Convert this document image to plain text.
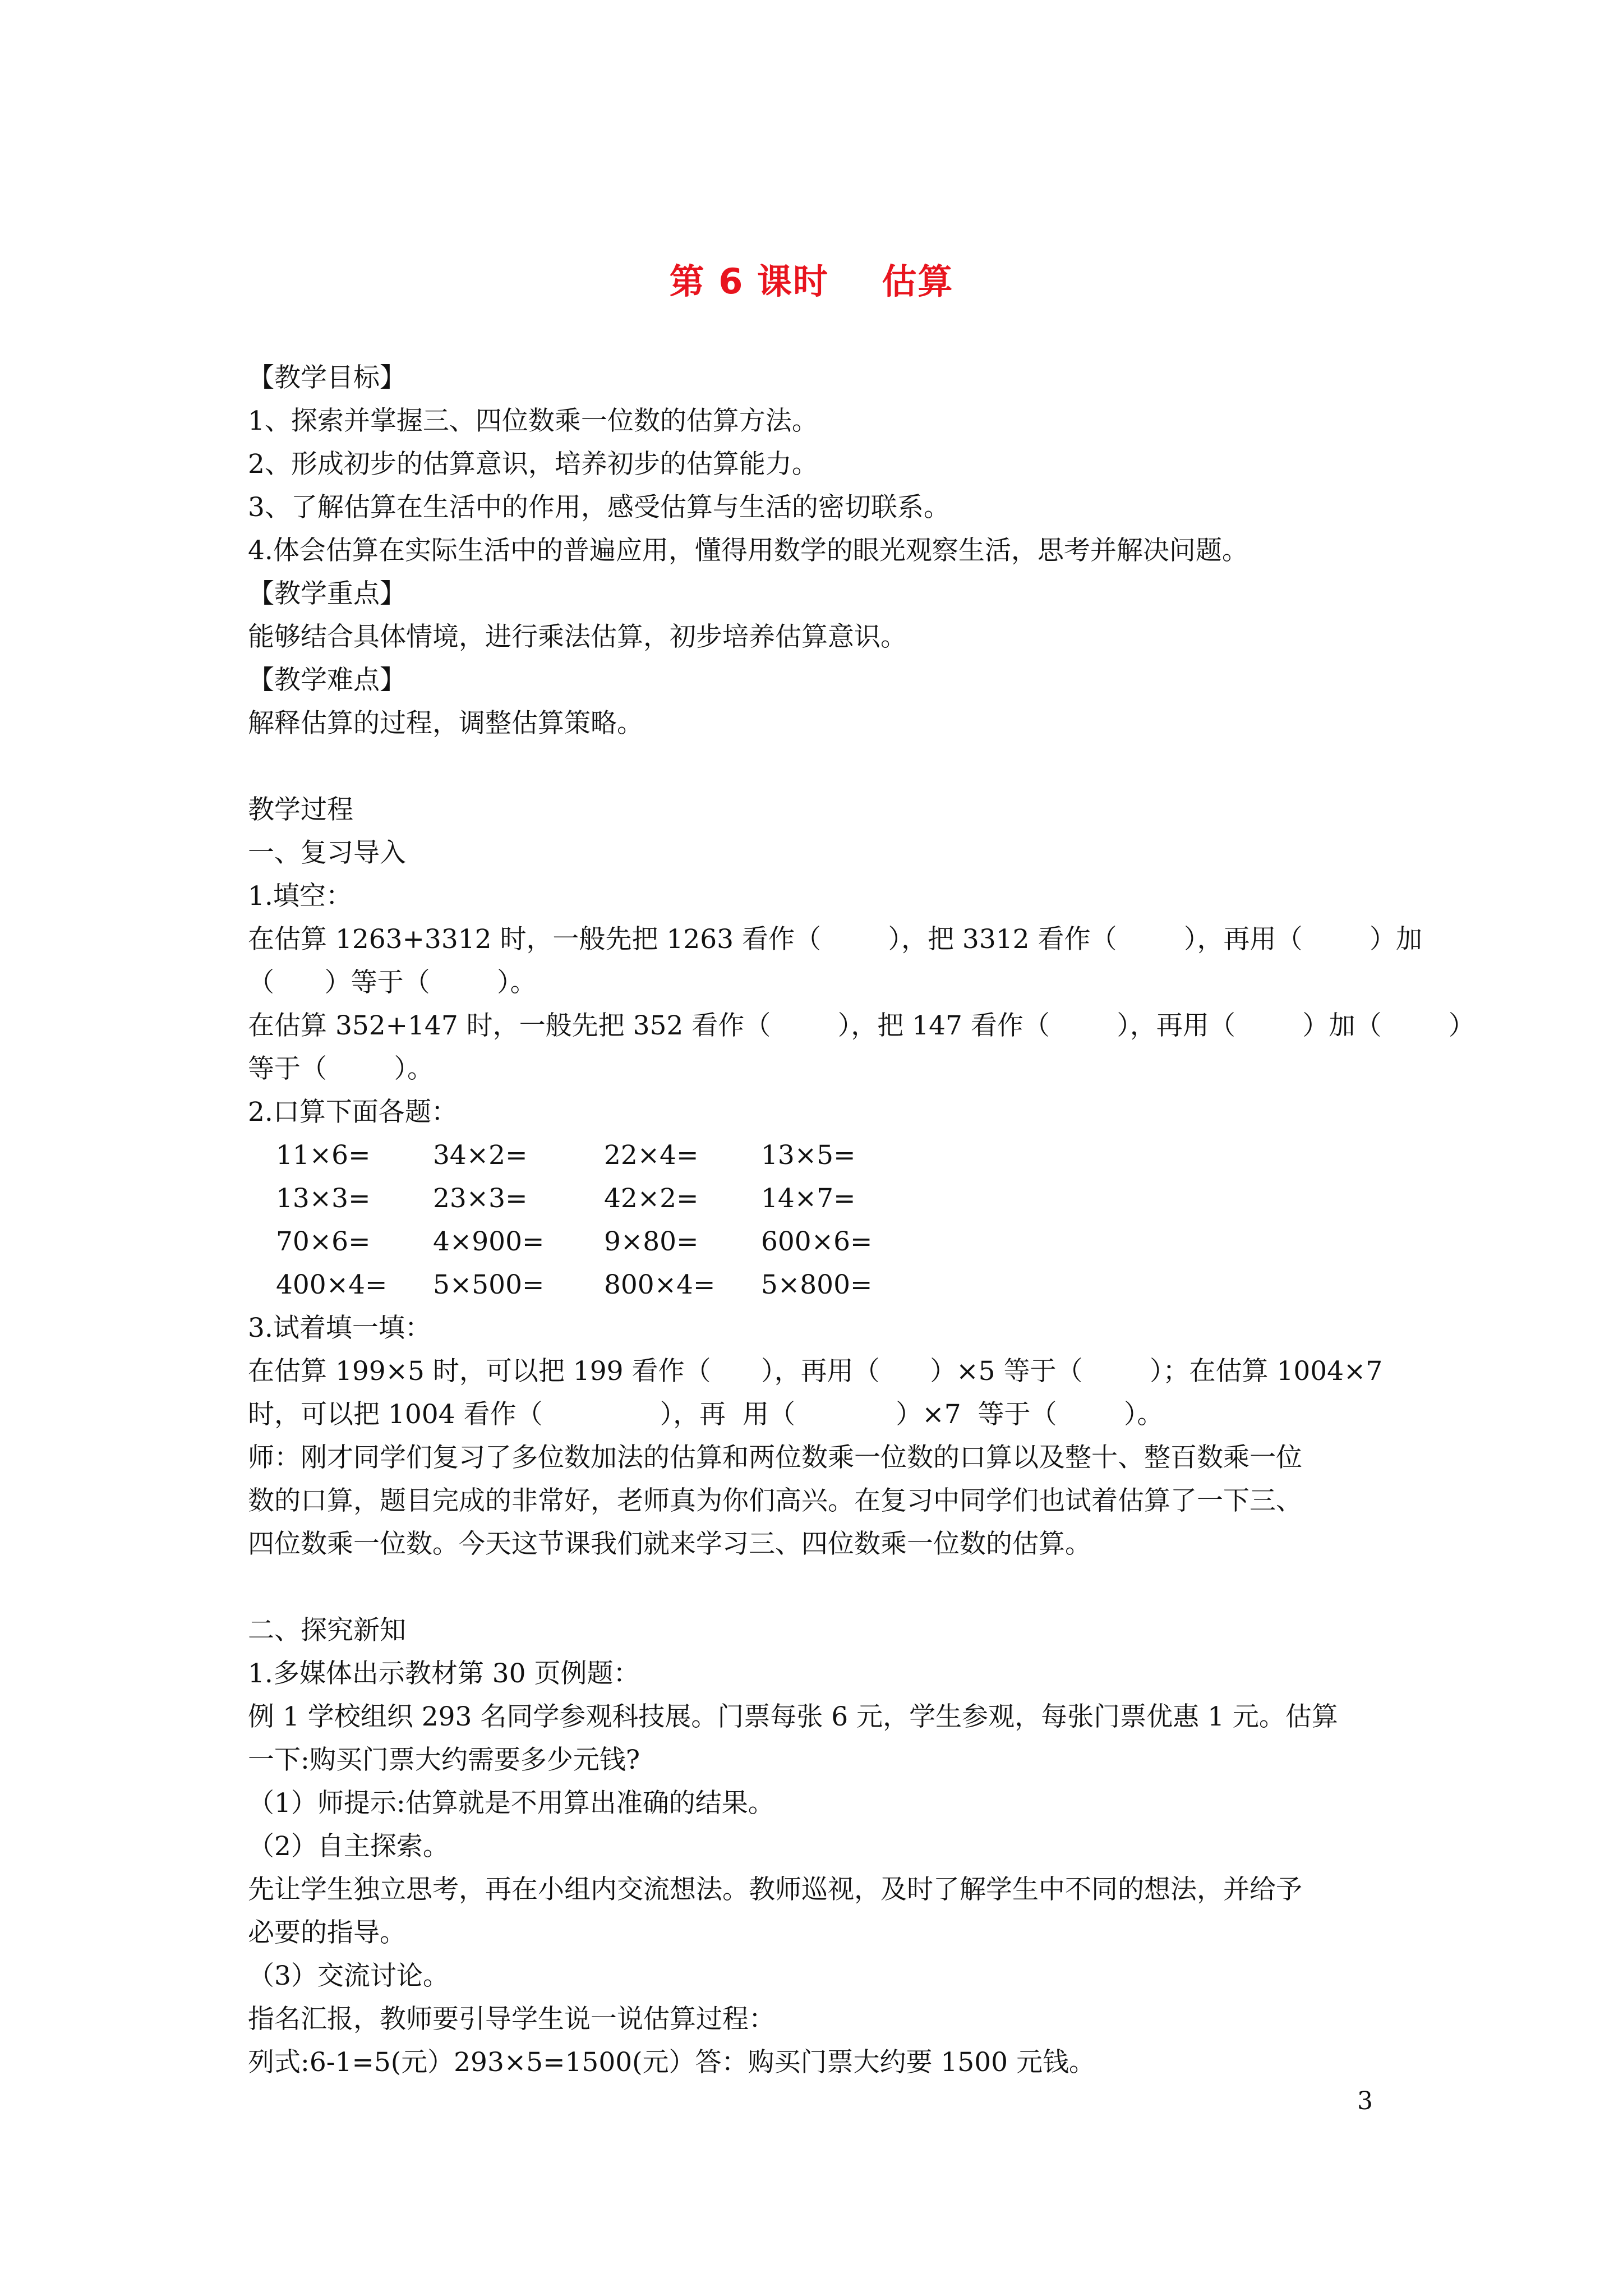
第 6 课时    估算
【教学目标】
1、探索并掌握三、四位数乘一位数的估算方法。
2、形成初步的估算意识，培养初步的估算能力。
3、了解估算在生活中的作用，感受估算与生活的密切联系。
4.体会估算在实际生活中的普遍应用，懂得用数学的眼光观察生活，思考并解决问题。
【教学重点】
能够结合具体情境，进行乘法估算，初步培养估算意识。
【教学难点】
解释估算的过程，调整估算策略。
教学过程
一、复习导入
1.填空：
在估算 1263+3312 时，一般先把 1263 看作（        ），把 3312 看作（        ），再用（        ）加
（      ）等于（        ）。
在估算 352+147 时，一般先把 352 看作（        ），把 147 看作（        ），再用（        ）加（        ）
等于（        ）。
2.口算下面各题：
11×6= 34×2=	22×4= 13×5=
13×3= 23×3=	42×2= 14×7=
70×6= 4×900= 9×80= 600×6=
400×4= 5×500= 800×4= 5×800=
3.试着填一填：
在估算 199×5 时，可以把 199 看作（      ），再用（      ）×5 等于（        ）；在估算 1004×7
时，可以把 1004 看作（              ），再  用（            ）×7  等于（        ）。
师：刚才同学们复习了多位数加法的估算和两位数乘一位数的口算以及整十、整百数乘一位
数的口算，题目完成的非常好，老师真为你们高兴。在复习中同学们也试着估算了一下三、
四位数乘一位数。今天这节课我们就来学习三、四位数乘一位数的估算。
二、探究新知
1.多媒体出示教材第 30 页例题：
例 1 学校组织 293 名同学参观科技展。门票每张 6 元，学生参观，每张门票优惠 1 元。估算
一下:购买门票大约需要多少元钱?
（1）师提示:估算就是不用算出准确的结果。
（2）自主探索。
先让学生独立思考，再在小组内交流想法。教师巡视，及时了解学生中不同的想法，并给予
必要的指导。
（3）交流讨论。
指名汇报，教师要引导学生说一说估算过程：
列式:6-1=5(元）293×5=1500(元）答：购买门票大约要 1500 元钱。
3
